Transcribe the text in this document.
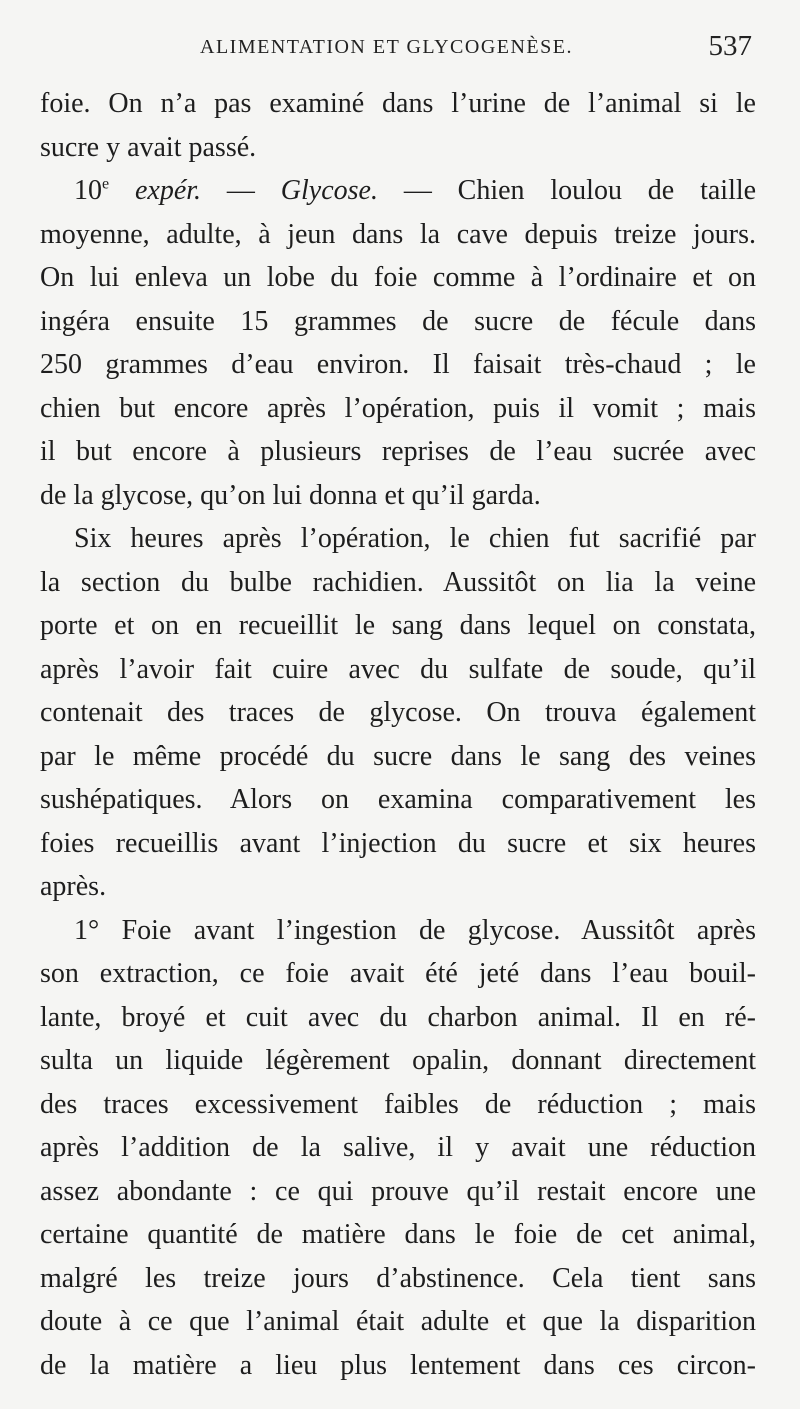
ALIMENTATION ET GLYCOGENÈSE.	537
foie. On n’a pas examiné dans l’urine de l’animal si le
sucre y avait passé.
10e expér. — Glycose. — Chien loulou de taille
moyenne, adulte, à jeun dans la cave depuis treize jours.
On lui enleva un lobe du foie comme à l’ordinaire et on
ingéra ensuite 15 grammes de sucre de fécule dans
250 grammes d’eau environ. Il faisait très-chaud ; le
chien but encore après l’opération, puis il vomit ; mais
il but encore à plusieurs reprises de l’eau sucrée avec
de la glycose, qu’on lui donna et qu’il garda.
Six heures après l’opération, le chien fut sacrifié par
la section du bulbe rachidien. Aussitôt on lia la veine
porte et on en recueillit le sang dans lequel on constata,
après l’avoir fait cuire avec du sulfate de soude, qu’il
contenait des traces de glycose. On trouva également
par le même procédé du sucre dans le sang des veines
sushépatiques. Alors on examina comparativement les
foies recueillis avant l’injection du sucre et six heures
après.
1° Foie avant l’ingestion de glycose. Aussitôt après
son extraction, ce foie avait été jeté dans l’eau bouil-
lante, broyé et cuit avec du charbon animal. Il en ré-
sulta un liquide légèrement opalin, donnant directement
des traces excessivement faibles de réduction ; mais
après l’addition de la salive, il y avait une réduction
assez abondante : ce qui prouve qu’il restait encore une
certaine quantité de matière dans le foie de cet animal,
malgré les treize jours d’abstinence. Cela tient sans
doute à ce que l’animal était adulte et que la disparition
de la matière a lieu plus lentement dans ces circon-
